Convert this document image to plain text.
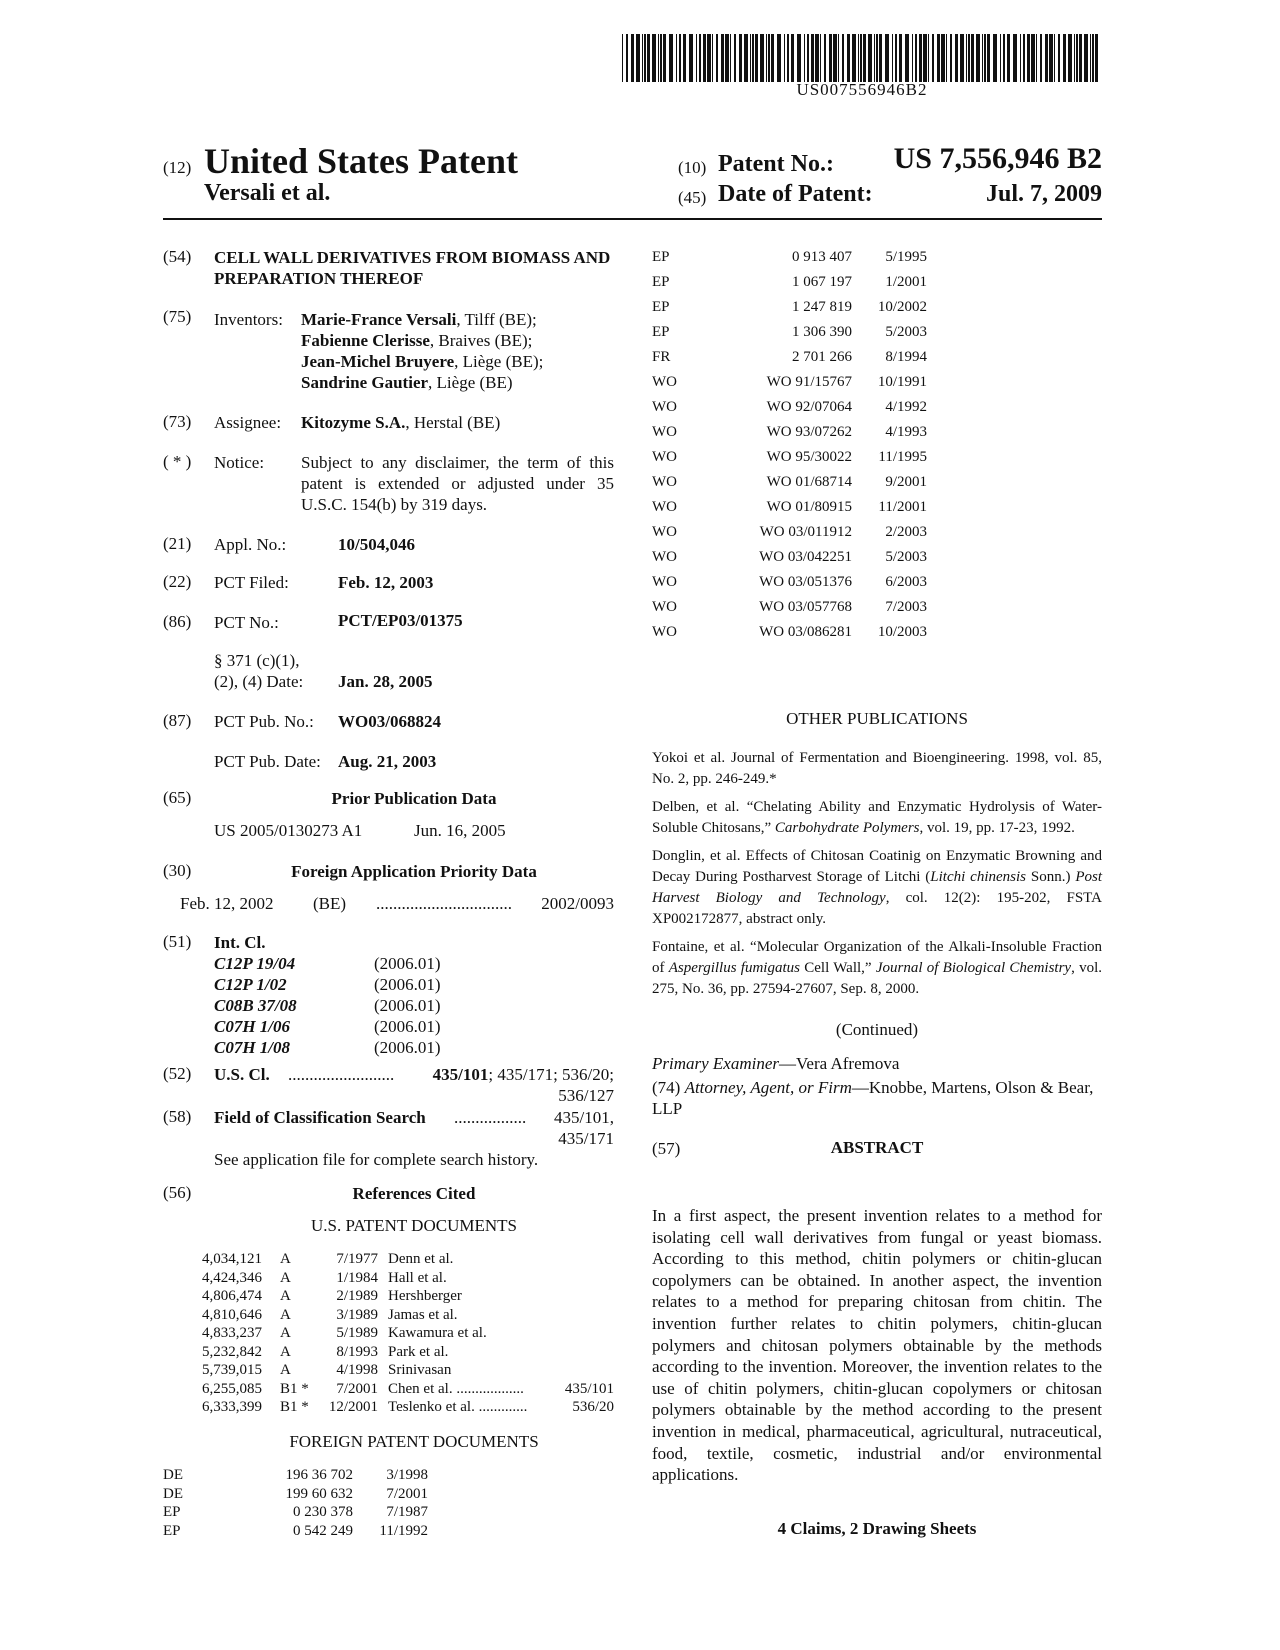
US007556946B2
(12) United States Patent
Versali et al.
(10) Patent No.:	US 7,556,946 B2
(45) Date of Patent:	Jul. 7, 2009
(54) CELL WALL DERIVATIVES FROM BIOMASS AND PREPARATION THEREOF
(75) Inventors: Marie-France Versali, Tilff (BE);
Fabienne Clerisse, Braives (BE);
Jean-Michel Bruyere, Liège (BE);
Sandrine Gautier, Liège (BE)
(73) Assignee: Kitozyme S.A., Herstal (BE)
( * ) Notice: Subject to any disclaimer, the term of this patent is extended or adjusted under 35 U.S.C. 154(b) by 319 days.
(21) Appl. No.:	10/504,046
(22) PCT Filed:	Feb. 12, 2003
(86) PCT No.:	PCT/EP03/01375
§ 371 (c)(1),
(2), (4) Date: Jan. 28, 2005
(87) PCT Pub. No.: WO03/068824
PCT Pub. Date: Aug. 21, 2003
(65)	Prior Publication Data
US 2005/0130273 A1	Jun. 16, 2005
(30)	Foreign Application Priority Data
Feb. 12, 2002 (BE) ................................	2002/0093
(51) Int. Cl.
C12P 19/04	(2006.01)
C12P 1/02	(2006.01)
C08B 37/08	(2006.01)
C07H 1/06	(2006.01)
C07H 1/08	(2006.01)
(52) U.S. Cl. .........................	435/101; 435/171; 536/20;
536/127
(58) Field of Classification Search .................	435/101,
435/171
See application file for complete search history.
(56)	References Cited
U.S. PATENT DOCUMENTS
4,034,121 A	7/1977 Denn et al.
4,424,346 A	1/1984 Hall et al.
4,806,474 A	2/1989 Hershberger
4,810,646 A	3/1989 Jamas et al.
4,833,237 A	5/1989 Kawamura et al.
5,232,842 A	8/1993 Park et al.
5,739,015 A	4/1998 Srinivasan
6,255,085 B1 *	7/2001 Chen et al. ..................	435/101
6,333,399 B1 *	12/2001 Teslenko et al. .............	536/20
FOREIGN PATENT DOCUMENTS
DE	196 36 702	3/1998
DE	199 60 632	7/2001
EP	0 230 378	7/1987
EP	0 542 249	11/1992
EP	0 913 407	5/1995
EP	1 067 197	1/2001
EP	1 247 819	10/2002
EP	1 306 390	5/2003
FR	2 701 266	8/1994
WO	WO 91/15767	10/1991
WO	WO 92/07064	4/1992
WO	WO 93/07262	4/1993
WO	WO 95/30022	11/1995
WO	WO 01/68714	9/2001
WO	WO 01/80915	11/2001
WO	WO 03/011912	2/2003
WO	WO 03/042251	5/2003
WO	WO 03/051376	6/2003
WO	WO 03/057768	7/2003
WO	WO 03/086281	10/2003
OTHER PUBLICATIONS

Yokoi et al. Journal of Fermentation and Bioengineering. 1998, vol. 85, No. 2, pp. 246-249.*

Delben, et al. “Chelating Ability and Enzymatic Hydrolysis of Water-Soluble Chitosans,” Carbohydrate Polymers, vol. 19, pp. 17-23, 1992.

Donglin, et al. Effects of Chitosan Coatinig on Enzymatic Browning and Decay During Postharvest Storage of Litchi (Litchi chinensis Sonn.) Post Harvest Biology and Technology, col. 12(2): 195-202, FSTA XP002172877, abstract only.

Fontaine, et al. “Molecular Organization of the Alkali-Insoluble Fraction of Aspergillus fumigatus Cell Wall,” Journal of Biological Chemistry, vol. 275, No. 36, pp. 27594-27607, Sep. 8, 2000.

(Continued)
Primary Examiner—Vera Afremova
(74) Attorney, Agent, or Firm—Knobbe, Martens, Olson & Bear, LLP
(57)	ABSTRACT
In a first aspect, the present invention relates to a method for isolating cell wall derivatives from fungal or yeast biomass. According to this method, chitin polymers or chitin-glucan copolymers can be obtained. In another aspect, the invention relates to a method for preparing chitosan from chitin. The invention further relates to chitin polymers, chitin-glucan polymers and chitosan polymers obtainable by the methods according to the invention. Moreover, the invention relates to the use of chitin polymers, chitin-glucan copolymers or chitosan polymers obtainable by the method according to the present invention in medical, pharmaceutical, agricultural, nutraceutical, food, textile, cosmetic, industrial and/or environmental applications.
4 Claims, 2 Drawing Sheets
